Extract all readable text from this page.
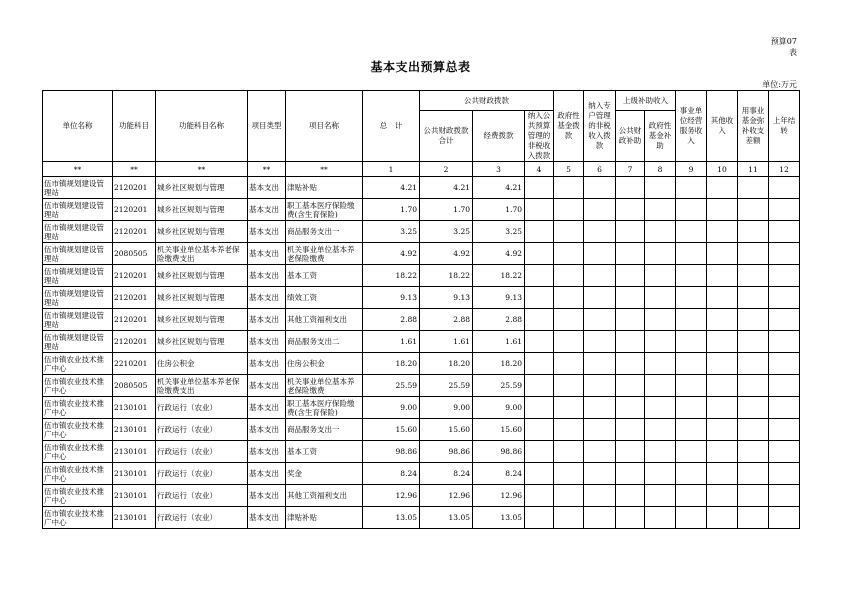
预算07
表
基本支出预算总表
单位:万元
单位名称	功能科目	功能科目名称	项目类型	项目名称	总　计	公共财政拨款			政府性基金拨款	纳入专户管理的非税收入拨款	上级补助收入		事业单位经营服务收入	其他收入	用事业基金弥补收支差额	上年结转
						公共财政拨款合计	经费拨款	纳入公共预算管理的非税收入拨款								
											公共财政补助	政府性基金补助				
**	**	**	**	**	1	2	3	4	5	6	7	8	9	10	11	12
伍市镇规划建设管理站	2120201	城乡社区规划与管理	基本支出	津贴补贴	4.21	4.21	4.21									
伍市镇规划建设管理站	2120201	城乡社区规划与管理	基本支出	职工基本医疗保险缴费(含生育保险)	1.70	1.70	1.70									
伍市镇规划建设管理站	2120201	城乡社区规划与管理	基本支出	商品服务支出一	3.25	3.25	3.25									
伍市镇规划建设管理站	2080505	机关事业单位基本养老保险缴费支出	基本支出	机关事业单位基本养老保险缴费	4.92	4.92	4.92									
伍市镇规划建设管理站	2120201	城乡社区规划与管理	基本支出	基本工资	18.22	18.22	18.22									
伍市镇规划建设管理站	2120201	城乡社区规划与管理	基本支出	绩效工资	9.13	9.13	9.13									
伍市镇规划建设管理站	2120201	城乡社区规划与管理	基本支出	其他工资福利支出	2.88	2.88	2.88									
伍市镇规划建设管理站	2120201	城乡社区规划与管理	基本支出	商品服务支出二	1.61	1.61	1.61									
伍市镇农业技术推广中心	2210201	住房公积金	基本支出	住房公积金	18.20	18.20	18.20									
伍市镇农业技术推广中心	2080505	机关事业单位基本养老保险缴费支出	基本支出	机关事业单位基本养老保险缴费	25.59	25.59	25.59									
伍市镇农业技术推广中心	2130101	行政运行（农业）	基本支出	职工基本医疗保险缴费(含生育保险)	9.00	9.00	9.00									
伍市镇农业技术推广中心	2130101	行政运行（农业）	基本支出	商品服务支出一	15.60	15.60	15.60									
伍市镇农业技术推广中心	2130101	行政运行（农业）	基本支出	基本工资	98.86	98.86	98.86									
伍市镇农业技术推广中心	2130101	行政运行（农业）	基本支出	奖金	8.24	8.24	8.24									
伍市镇农业技术推广中心	2130101	行政运行（农业）	基本支出	其他工资福利支出	12.96	12.96	12.96									
伍市镇农业技术推广中心	2130101	行政运行（农业）	基本支出	津贴补贴	13.05	13.05	13.05									
